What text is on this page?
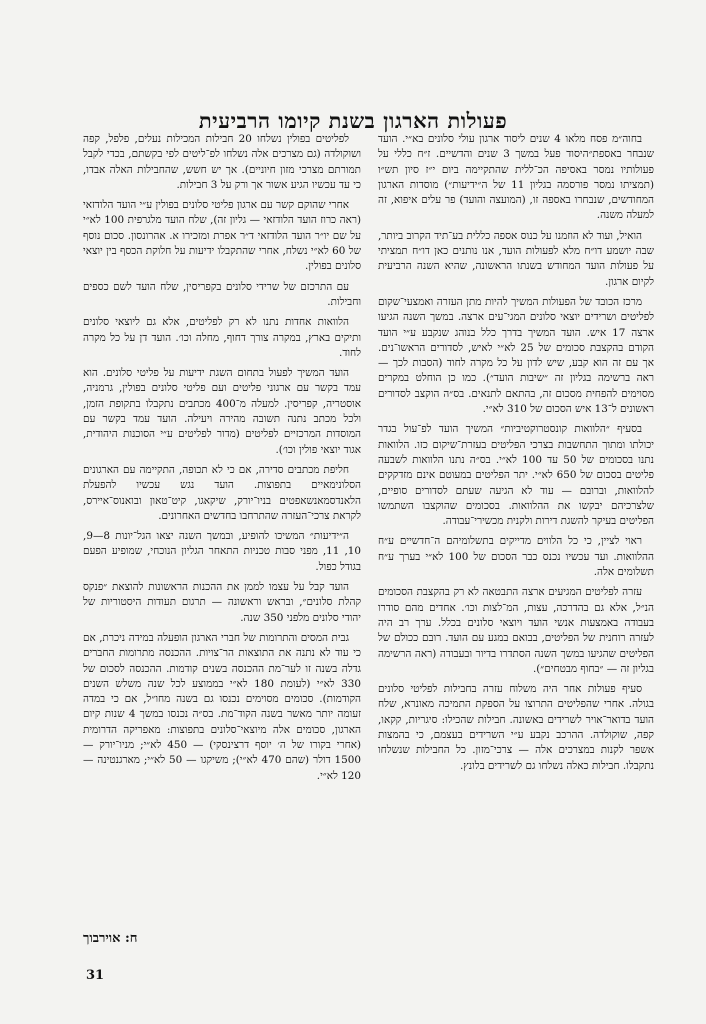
פעולות הארגון בשנת קיומו הרביעית

בחוה״מ פסח מלאו 4 שנים ליסוד ארגון עולי סלונים בא״י. הועד שנבחר באספת״היסוד פעל במשך 3 שנים והדשיים. ז״ח כללי על פעולותיו נמסר באסיפה הכ־ללית שהתקיימה ביום י״ז סיון תש״ו (תמציתו נמסר פורסמה בגליון 11 של ה״ידיעות״) מוסדות הארגון המחודשים, שנבחרו באספה זו, (המועצה והועד) פר עלים איפוא, זה למעלה משנה.

הואיל, ועוד לא הוזמנו על כנוס אספה כללית בע־תיד הקרוב ביותר, שבה יושמע דו״ח מלא לפעולות הועד, אנו נותנים כאן דו״ח תמציתי על פעולות הועד המחודש בשנתו הראשונה, שהיא השנה הרביעית לקיום ארגון.

מרכז הכובד של הפעולות המשיך להיות מתן העזרה ואמצעי־שקום לפליטים ושרידים יוצאי סלונים המגי־עים ארצה. במשך השנה הגיעו ארצה 17 איש. הועד המשיך בדרך כלל בנוהג שנקבע ע״י הועד הקודם בהקצבת סכומים של 25 לא״י לאיש, לסדורים הראשו־נים. אך עם זה הוא קבע, שיש לדון על כל מקרה לחוד (הסבות לכך — ראה ברשימה בגליון זה ״שיבות הועד״). כמו כן הוחלט במקרים מסוימים להפחית מסכום זה, בהתאם לתנאים. בס״ה הוקצב לסדורים ראשונים ל־13 איש הסכום של 310 לא״י.

בסעיף ״הלוואות קונסטרוקטיביות״ המשיך הועד לפ־עול בגדר יכולתו ומתוך התחשבות בצרכי הפליטים בעזרת־שיקום כזו. הלוואות נתנו בסכומים של 50 עד 100 לא״י. בס״ה נתנו הלוואות לשבעה פליטים בסכום של 650 לא״י. יתר הפליטים במעוטם אינם מזדקקים להלוואות, וברובם — עוד לא הגיעה שעתם לסדורים סופיים, שלצרכיהם יבקשו את ההלוואות. בסכומים שהוקצבו השתמשו הפליטים בעיקר להשגת דירות ולקנית מכשירי־עבודה.

ראוי לציין, כי כל הלווים מדייקים בתשלומיהם ה־חדשיים ע״ח ההלוואות. ועד עכשיו נכנס כבר הסכום של 100 לא״י בערך ע״ח תשלומים אלה.

עזרה לפליטים המגיעים ארצה התבטאה לא רק בהקצבת הסכומים הנ״ל, אלא גם בהדרכה, עצות, המ־לצות וכו׳. אחדים מהם סודרו בעבודה באמצעות אנשי הועד ויוצאי סלונים בכלל. ערך רב היה לעזרה רוחנית של הפליטים, בבואם במגע עם הועד. רובם ככולם של הפליטים שהגיעו במשך השנה הסתדרו בדיור ובעבודה (ראה הרשימה בגליון זה — ״בחוף מבטחים״).

סעיף פעולות אחר היה משלוח עזרה בחבילות לפליטי סלונים בגולה. אחרי שהפליטים התרוצו על הספקת התמיכה מאונרא, שלח הועד בדואר־אויר לשרידים באשונה. חבילות שהכילו: סיגריות, קקאו, קפה, שוקולדה. ההרכב נקבע ע״י השרידים בעצמם, כי בהמצות אשפר לקנות במצרכים אלה — צרכי־מזון. כל החבילות שנשלחו נתקבלו. חבילות כאלה נשלחו גם לשרידים בלונץ.

לפליטים בפולין נשלחו 20 חבילות המכילות נעלים, פלפל, קפה ושוקולדה (גם מצרכים אלה נשלחו לפ־ליטים לפי בקשתם, בכדי לקבל תמורתם מצרכי מזון חיוניים). אך יש חשש, שהחבילות האלה אבדו, כי עד עכשיו הגיע אשור אך ורק על 3 חבילות.

אחרי שהוקם קשר עם ארגון פליטי סלונים בפולין ע״י הועד הלודזאי (ראה כרוז הועד הלודזאי — גליון זה), שלח הועד מלגרפית 100 לא״י על שם יו״ר הועד הלודזאי ד״ר אפרת ומזכירו א. אהרונסון. סכום נוסף של 60 לא״י נשלח, אחרי שהתקבלו ידיעות על חלוקת הכסף בין יוצאי סלונים בפולין.

עם התרכזם של שרידי סלונים בקפריסין, שלח הועד לשם כספים וחבילות.

הלוואות אחדות נתנו לא רק לפליטים, אלא גם ליוצאי סלונים ותיקים בארץ, במקרה צורך דחוף, מחלה וכו׳. הועד דן על כל מקרה לחוד.

הועד המשיך לפעול בתחום השגת ידיעות על פליטי סלונים. הוא עמד בקשר עם ארגוני פליטים ועם פליטי סלונים בפולין, גרמניה, אוסטריה, קפריסין. למעלה מ־400 מכתבים נתקבלו בתקופת הזמן, ולכל מכתב נתנה תשובה מהירה ויעילה. הועד עמד בקשר עם המוסדות המרכזיים לפליטים (מדור לפליטים ע״י הסוכנות היהודית, אגוד יוצאי פולין וכו׳).

חליפת מכתבים סדירה, אם כי לא תכופה, התקיימה עם הארגונים הסלונימאיים בתפוצות. הועד נגש עכשיו להפעלת הלאנדסמאנשאפטים בניו־יורק, שיקאגו, קיט־טאון ובואנוס־איירס, לקראת צרכי־העזרה שהתרחבו בחדשים האחרונים.

ה״ידיעות״ המשיכו להופיע, ובמשך השנה יצאו הגל־יונות 8—9, 10, 11, מפני סבות טכניות התאחר הגליון הנוכחי, שמופיע הפעם בגודל כפול.

הועד קבל על עצמו לממן את ההכנות הראשונות להוצאת ״פנקס קהלת סלונים״, ובראש וראשונה — תרגום תעודות היסטוריות של יהודי סלונים מלפני 350 שנה.

גבית המסים והתרומות של חברי הארגון הופעלה במידה ניכרת, אם כי עוד לא נתנה את התוצאות הר־צויות. ההכנסה מתרומות החברים גדלה בשנה זו לער־מת ההכנסה בשנים קודמות. ההכנסה לסכום של 330 לא״י (לעומת 180 לא״י בממוצע לכל שנה משלש השנים הקודמות). סכומים מסוימים נכנסו גם בשנה מחו״ל, אם כי במדה זעומה יותר מאשר בשנה הקוד־מת. בס״ה נכנסו במשך 4 שנות קיום הארגון, סכומים אלה מיוצאי־סלונים בתפוצות: מאפריקה הדרומית (אחרי בקורו של ה׳ יוסף דרצינסקי) — 450 לא״י; מניו־יורק — 1500 דולר (שהם 470 לא״י); משיקגו — 50 לא״י; מארגנטינה — 120 לא״י.

ח: אוירבוך
31
